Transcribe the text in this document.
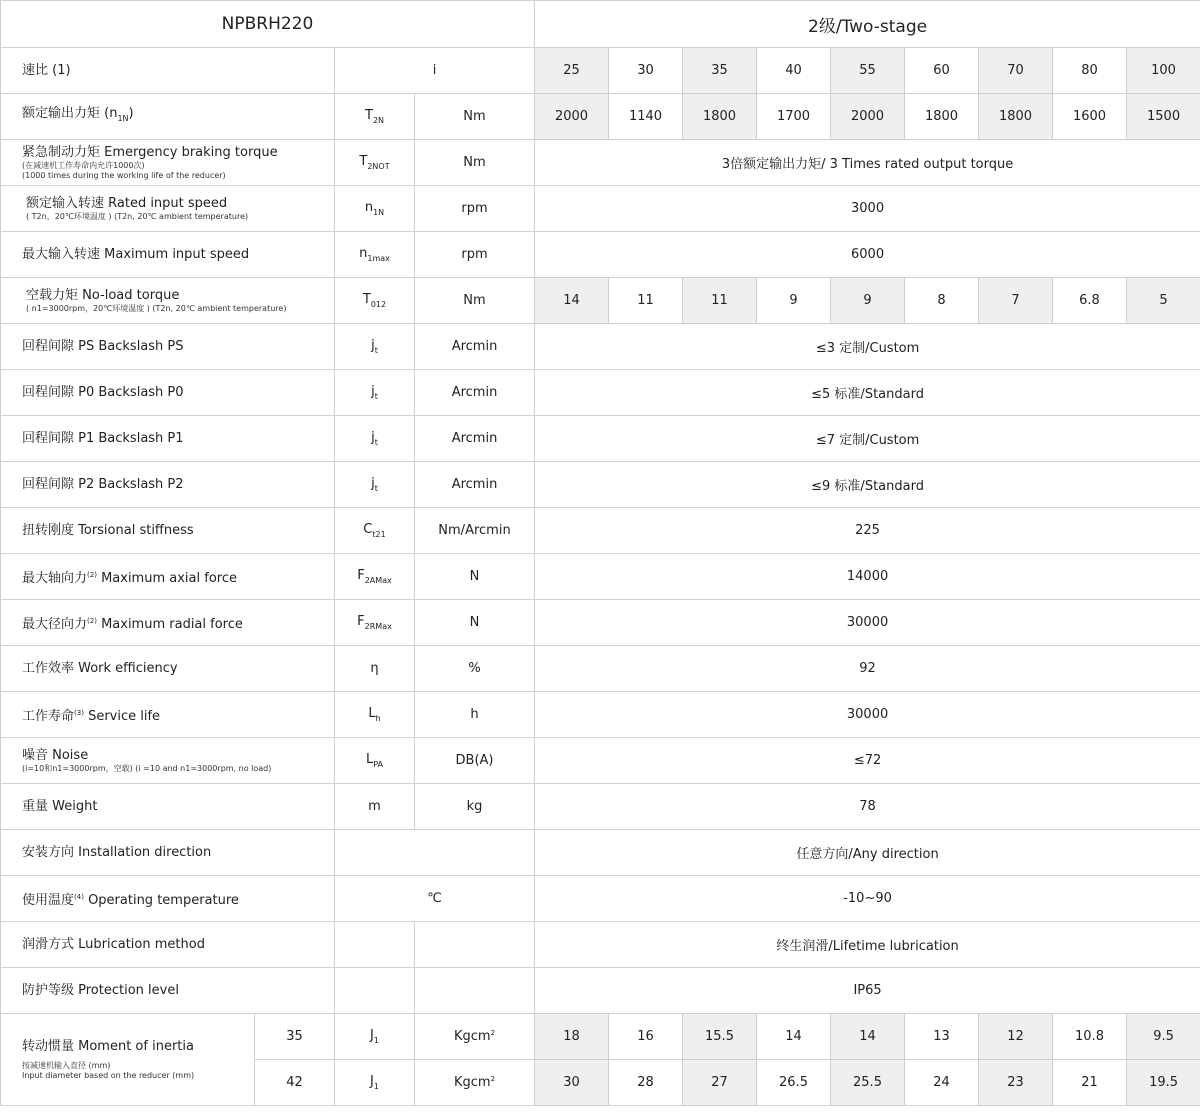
NPBRH220				2级/Two-stage								

速比 (1)		i		25	30	35	40	55	60	70	80	100

额定输出力矩 $(n_{1N})$		$T_{2N}$	Nm	2000	1140	1800	1700	2000	1800	1800	1600	1500

紧急制动力矩 Emergency braking torque
(在减速机工作寿命内允许1000次)
(1000 times during the working life of the reducer)		$T_{2NOT}$	Nm	3倍额定输出力矩/ 3 Times rated output torque								

额定输入转速 Rated input speed
( T2n，20℃环境温度 ) (T2n, 20℃ ambient temperature)		$n_{1N}$	rpm	3000								

最大输入转速 Maximum input speed		$n_{1max}$	rpm	6000								

空载力矩 No-load torque
( n1=3000rpm，20℃环境温度 ) (T2n, 20℃ ambient temperature)		$T_{012}$	Nm	14	11	11	9	9	8	7	6.8	5

回程间隙 PS Backslash PS		$j_t$	Arcmin	≤3 定制/Custom								

回程间隙 P0 Backslash P0		$j_t$	Arcmin	≤5 标准/Standard								

回程间隙 P1 Backslash P1		$j_t$	Arcmin	≤7 定制/Custom								

回程间隙 P2 Backslash P2		$j_t$	Arcmin	≤9 标准/Standard								

扭转刚度 Torsional stiffness		$C_{t21}$	Nm/Arcmin	225								

最大轴向力$^{(2)}$ Maximum axial force		$F_{2AMax}$	N	14000								

最大径向力$^{(2)}$ Maximum radial force		$F_{2RMax}$	N	30000								

工作效率 Work efficiency		η	%	92								

工作寿命$^{(3)}$ Service life		$L_h$	h	30000								

噪音 Noise
(i=10和n1=3000rpm，空载) (i =10 and n1=3000rpm, no load)		$L_{PA}$	DB(A)	≤72								

重量 Weight		m	kg	78								

安装方向 Installation direction				任意方向/Any direction								

使用温度$^{(4)}$ Operating temperature		℃		-10~90								

润滑方式 Lubrication method				终生润滑/Lifetime lubrication								

防护等级 Protection level				IP65								

转动惯量 Moment of inertia
按减速机输入直径 (mm)
Input diameter based on the reducer (mm)	35	$J_1$	Kgcm$^2$	18	16	15.5	14	14	13	12	10.8	9.5
	42	$J_1$	Kgcm$^2$	30	28	27	26.5	25.5	24	23	21	19.5
